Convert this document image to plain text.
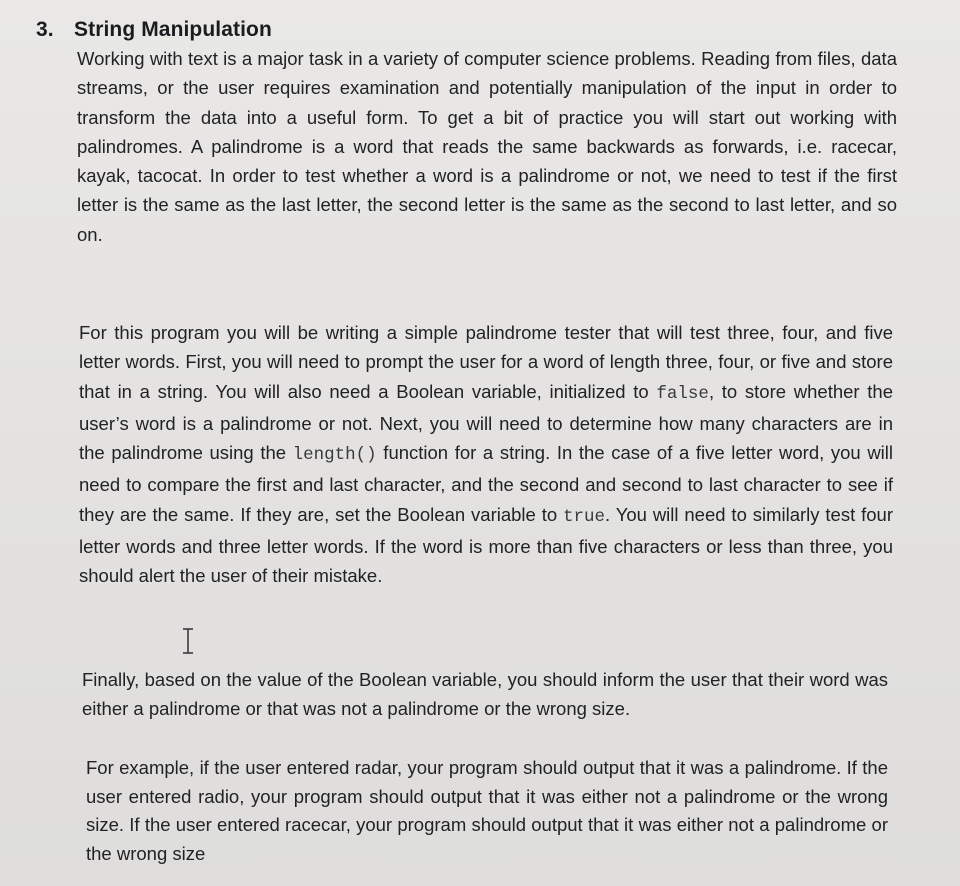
3. String Manipulation

Working with text is a major task in a variety of computer science problems. Reading from files, data streams, or the user requires examination and potentially manipulation of the input in order to transform the data into a useful form. To get a bit of practice you will start out working with palindromes. A palindrome is a word that reads the same backwards as forwards, i.e. racecar, kayak, tacocat. In order to test whether a word is a palindrome or not, we need to test if the first letter is the same as the last letter, the second letter is the same as the second to last letter, and so on.

For this program you will be writing a simple palindrome tester that will test three, four, and five letter words. First, you will need to prompt the user for a word of length three, four, or five and store that in a string. You will also need a Boolean variable, initialized to false, to store whether the user’s word is a palindrome or not. Next, you will need to determine how many characters are in the palindrome using the length() function for a string. In the case of a five letter word, you will need to compare the first and last character, and the second and second to last character to see if they are the same. If they are, set the Boolean variable to true. You will need to similarly test four letter words and three letter words. If the word is more than five characters or less than three, you should alert the user of their mistake.

Finally, based on the value of the Boolean variable, you should inform the user that their word was either a palindrome or that was not a palindrome or the wrong size.

For example, if the user entered radar, your program should output that it was a palindrome. If the user entered radio, your program should output that it was either not a palindrome or the wrong size. If the user entered racecar, your program should output that it was either not a palindrome or the wrong size
